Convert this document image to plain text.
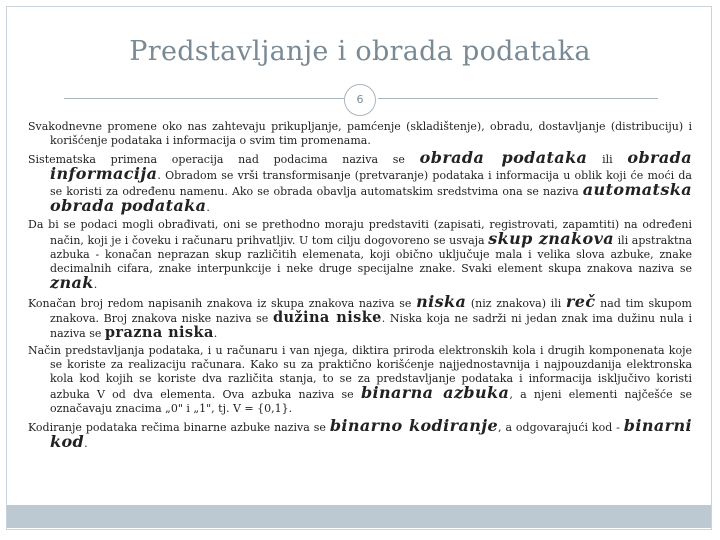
Predstavljanje i obrada podataka
6

Svakodnevne promene oko nas zahtevaju prikupljanje, pamćenje (skladištenje), obradu, dostavljanje (distribuciju) i korišćenje podataka i informacija o svim tim promenama.

Sistematska primena operacija nad podacima naziva se obrada podataka ili obrada informacija. Obradom se vrši transformisanje (pretvaranje) podataka i informacija u oblik koji će moći da se koristi za određenu namenu. Ako se obrada obavlja automatskim sredstvima ona se naziva automatska obrada podataka.

Da bi se podaci mogli obrađivati, oni se prethodno moraju predstaviti (zapisati, registrovati, zapamtiti) na određeni način, koji je i čoveku i računaru prihvatljiv. U tom cilju dogovoreno se usvaja skup znakova ili apstraktna azbuka - konačan neprazan skup različitih elemenata, koji obično uključuje mala i velika slova azbuke, znake decimalnih cifara, znake interpunkcije i neke druge specijalne znake. Svaki element skupa znakova naziva se znak.

Konačan broj redom napisanih znakova iz skupa znakova naziva se niska (niz znakova) ili reč nad tim skupom znakova. Broj znakova niske naziva se dužina niske. Niska koja ne sadrži ni jedan znak ima dužinu nula i naziva se prazna niska.

Način predstavljanja podataka, i u računaru i van njega, diktira priroda elektronskih kola i drugih komponenata koje se koriste za realizaciju računara. Kako su za praktično korišćenje najjednostavnija i najpouzdanija elektronska kola kod kojih se koriste dva različita stanja, to se za predstavljanje podataka i informacija isključivo koristi azbuka V od dva elementa. Ova azbuka naziva se binarna azbuka, a njeni elementi najčešće se označavaju znacima „0" i „1", tj. V = {0,1}.

Kodiranje podataka rečima binarne azbuke naziva se binarno kodiranje, a odgovarajući kod - binarni kod.
